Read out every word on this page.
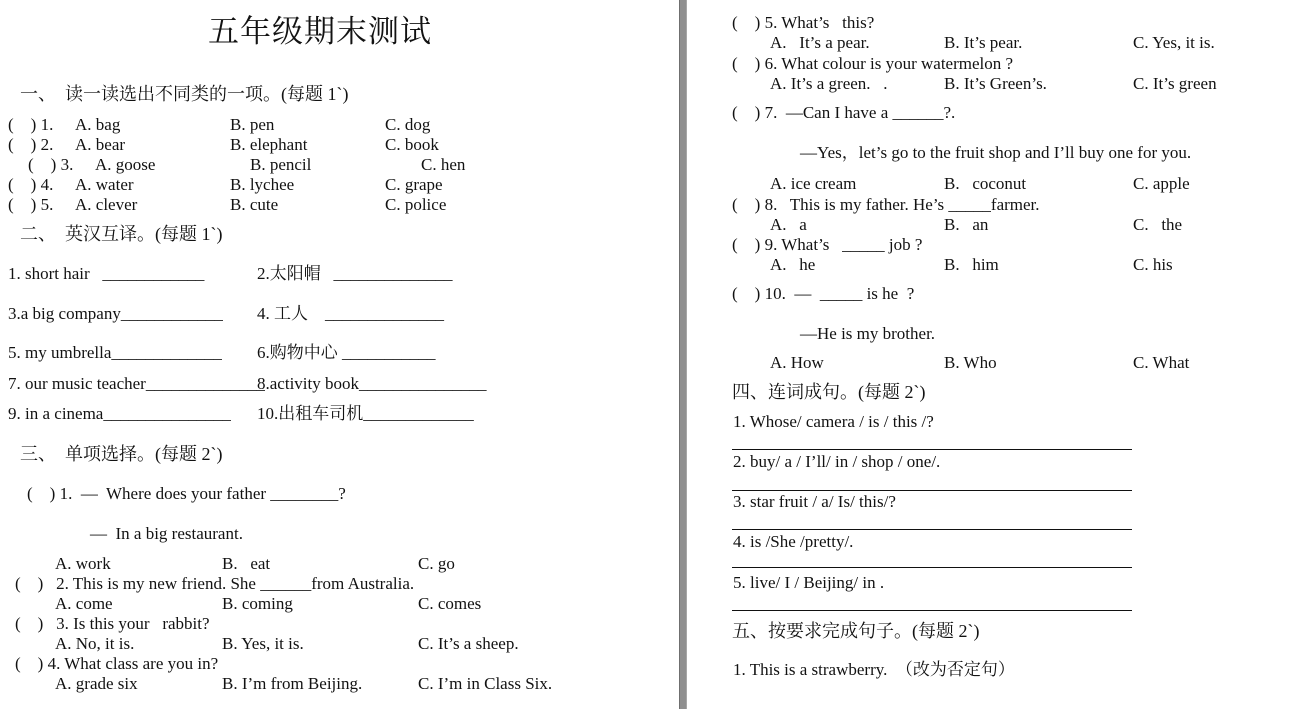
五年级期末测试
一、  读一读选出不同类的一项。(每题 1`)
(    ) 1.	A. bag	B. pen	C. dog
(    ) 2.	A. bear	B. elephant	C. book
(    ) 3.	A. goose	B. pencil	C. hen
(    ) 4.	A. water	B. lychee	C. grape
(    ) 5.	A. clever	B. cute	C. police
二、  英汉互译。(每题 1`)
1. short hair   ____________	2.太阳帽   ______________
3.a big company____________	4. 工人    ______________
5. my umbrella_____________	6.购物中心 ___________
7. our music teacher______________
8.activity book_______________
9. in a cinema_______________	10.出租车司机_____________
三、  单项选择。(每题 2`)
(    ) 1.  —  Where does your father ________?
—  In a big restaurant.
A. work	B.   eat	C. go
(    )   2. This is my new friend. She ______from Australia.
A. come	B. coming	C. comes
(    )   3. Is this your   rabbit?
A. No, it is.	B. Yes, it is.	C. It’s a sheep.
(    ) 4. What class are you in?
A. grade six	B. I’m from Beijing.	C. I’m in Class Six.
(    ) 5. What’s   this?
A.   It’s a pear.	B. It’s pear.	C. Yes, it is.
(    ) 6. What colour is your watermelon ?
A. It’s a green.   .	B. It’s Green’s.	C. It’s green
(    ) 7.  —Can I have a ______?.
—Yes，let’s go to the fruit shop and I’ll buy one for you.
A. ice cream	B.   coconut	C. apple
(    ) 8.   This is my father. He’s _____farmer.
A.   a	B.   an	C.   the
(    ) 9. What’s   _____ job ?
A.   he	B.   him	C. his
(    ) 10.  —  _____ is he  ?
—He is my brother.
A. How	B. Who	C. What
四、连词成句。(每题 2`)
1. Whose/ camera / is / this /?
2. buy/ a / I’ll/ in / shop / one/.
3. star fruit / a/ Is/ this/?
4. is /She /pretty/.
5. live/ I / Beijing/ in .
五、按要求完成句子。(每题 2`)
1. This is a strawberry.  （改为否定句）
